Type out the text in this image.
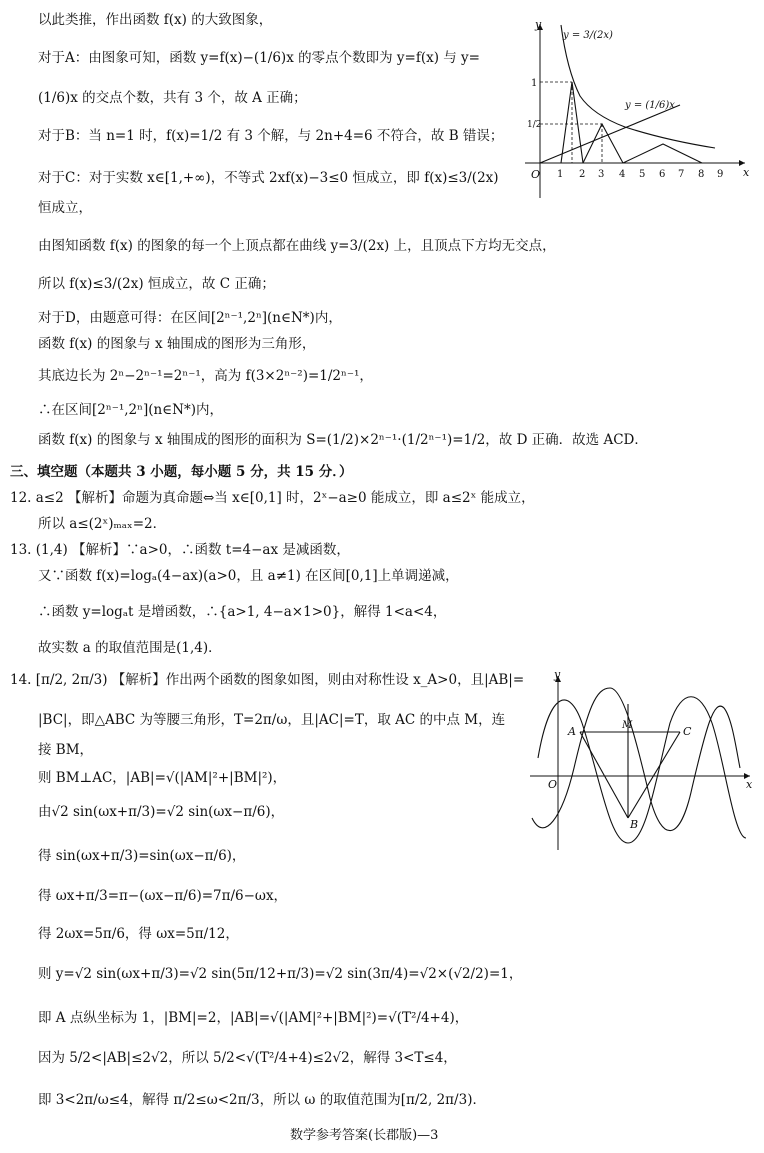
以此类推，作出函数 f(x) 的大致图象，
对于A：由图象可知，函数 y=f(x)−(1/6)x 的零点个数即为 y=f(x) 与 y=
(1/6)x 的交点个数，共有 3 个，故 A 正确；
对于B：当 n=1 时，f(x)=1/2 有 3 个解，与 2n+4=6 不符合，故 B 错误；
对于C：对于实数 x∈[1,+∞)，不等式 2xf(x)−3≤0 恒成立，即 f(x)≤3/(2x)
恒成立，
由图知函数 f(x) 的图象的每一个上顶点都在曲线 y=3/(2x) 上，且顶点下方均无交点，
所以 f(x)≤3/(2x) 恒成立，故 C 正确；
对于D，由题意可得：在区间[2ⁿ⁻¹,2ⁿ](n∈N*)内，
函数 f(x) 的图象与 x 轴围成的图形为三角形，
其底边长为 2ⁿ−2ⁿ⁻¹=2ⁿ⁻¹，高为 f(3×2ⁿ⁻²)=1/2ⁿ⁻¹，
∴在区间[2ⁿ⁻¹,2ⁿ](n∈N*)内，
函数 f(x) 的图象与 x 轴围成的图形的面积为 S=(1/2)×2ⁿ⁻¹·(1/2ⁿ⁻¹)=1/2，故 D 正确．故选 ACD．
三、填空题（本题共 3 小题，每小题 5 分，共 15 分．）
12. a≤2 【解析】命题为真命题⇔当 x∈[0,1] 时，2ˣ−a≥0 能成立，即 a≤2ˣ 能成立，
所以 a≤(2ˣ)ₘₐₓ=2．
13. (1,4) 【解析】∵a>0，∴函数 t=4−ax 是减函数，
又∵函数 f(x)=logₐ(4−ax)(a>0，且 a≠1) 在区间[0,1]上单调递减，
∴函数 y=logₐt 是增函数，∴{a>1, 4−a×1>0}，解得 1<a<4，
故实数 a 的取值范围是(1,4)．
14. [π/2, 2π/3) 【解析】作出两个函数的图象如图，则由对称性设 x_A>0，且|AB|=
|BC|，即△ABC 为等腰三角形，T=2π/ω，且|AC|=T，取 AC 的中点 M，连
接 BM，
则 BM⊥AC，|AB|=√(|AM|²+|BM|²)，
由√2 sin(ωx+π/3)=√2 sin(ωx−π/6)，
得 sin(ωx+π/3)=sin(ωx−π/6)，
得 ωx+π/3=π−(ωx−π/6)=7π/6−ωx，
得 2ωx=5π/6，得 ωx=5π/12，
则 y=√2 sin(ωx+π/3)=√2 sin(5π/12+π/3)=√2 sin(3π/4)=√2×(√2/2)=1，
即 A 点纵坐标为 1，|BM|=2，|AB|=√(|AM|²+|BM|²)=√(T²/4+4)，
因为 5/2<|AB|≤2√2，所以 5/2<√(T²/4+4)≤2√2，解得 3<T≤4，
即 3<2π/ω≤4，解得 π/2≤ω<2π/3，所以 ω 的取值范围为[π/2, 2π/3)．
数学参考答案(长郡版)—3
y
x
O
1
1/2
1 2 3 4 5 6 7 8 9
y = 3/(2x)
y = (1/6)x
y
x
O
A
B
C
M
